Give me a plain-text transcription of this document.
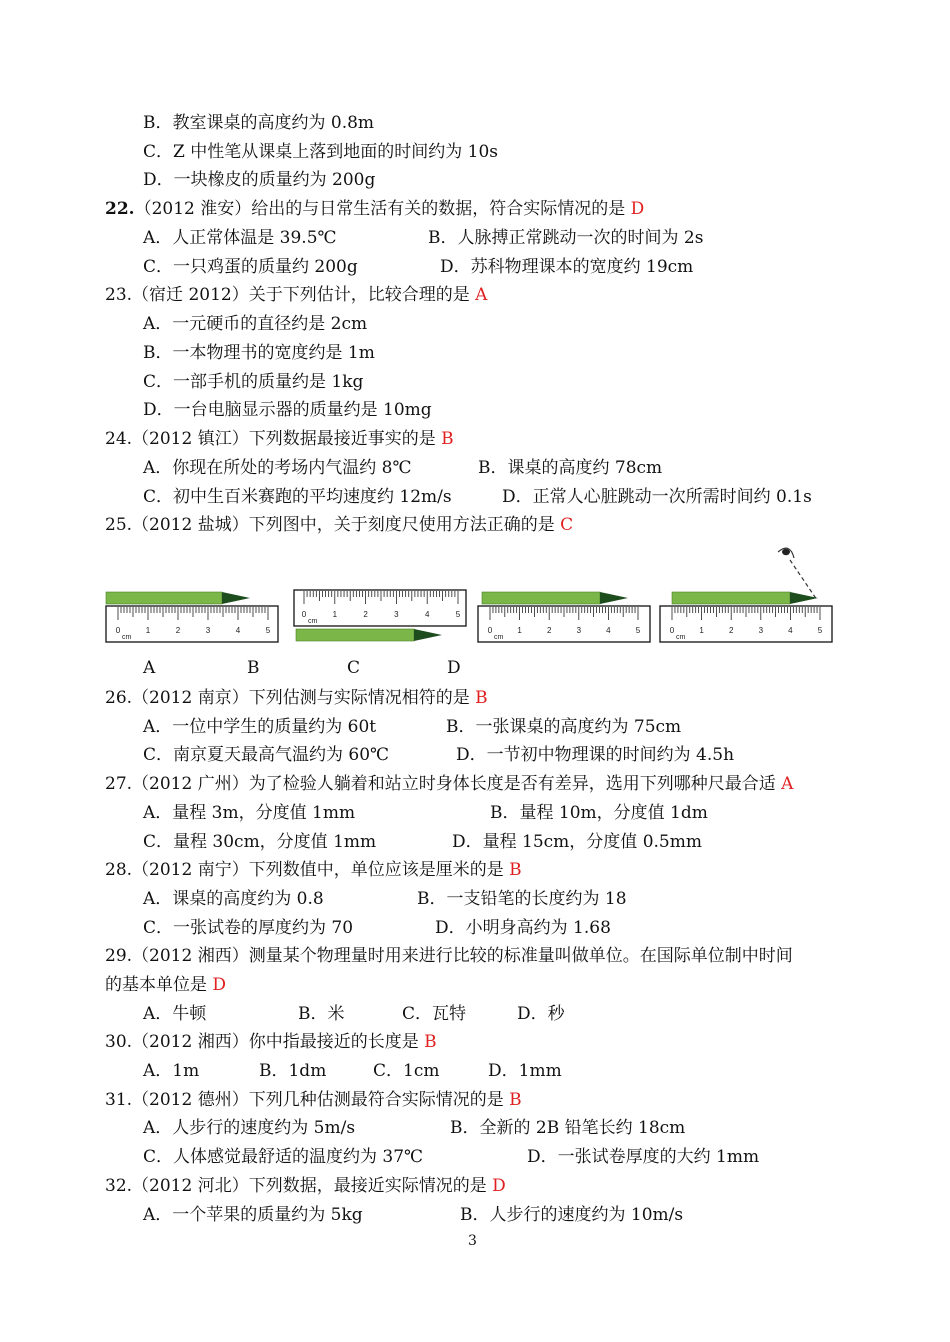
B．教室课桌的高度约为 0.8m
C．Z 中性笔从课桌上落到地面的时间约为 10s
D．一块橡皮的质量约为 200g
22.（2012 淮安）给出的与日常生活有关的数据，符合实际情况的是 D
A．人正常体温是 39.5℃	B．人脉搏正常跳动一次的时间为 2s
C．一只鸡蛋的质量约 200g	D．苏科物理课本的宽度约 19cm
23.（宿迁 2012）关于下列估计，比较合理的是 A
A．一元硬币的直径约是 2cm
B．一本物理书的宽度约是 1m
C．一部手机的质量约是 1kg
D．一台电脑显示器的质量约是 10mg
24.（2012 镇江）下列数据最接近事实的是 B
A．你现在所处的考场内气温约 8℃	B．课桌的高度约 78cm
C．初中生百米赛跑的平均速度约 12m/s	D．正常人心脏跳动一次所需时间约 0.1s
25.（2012 盐城）下列图中，关于刻度尺使用方法正确的是 C
0	1	2	3	4	5
cm
0	1	2	3	4	5
cm
0	1	2	3	4	5
cm
0	1	2	3	4	5
cm
A	B	C	D
26.（2012 南京）下列估测与实际情况相符的是 B
A．一位中学生的质量约为 60t	B．一张课桌的高度约为 75cm
C．南京夏天最高气温约为 60℃	D．一节初中物理课的时间约为 4.5h
27.（2012 广州）为了检验人躺着和站立时身体长度是否有差异，选用下列哪种尺最合适 A
A．量程 3m，分度值 1mm	B．量程 10m，分度值 1dm
C．量程 30cm，分度值 1mm	D．量程 15cm，分度值 0.5mm
28.（2012 南宁）下列数值中，单位应该是厘米的是 B
A．课桌的高度约为 0.8	B．一支铅笔的长度约为 18
C．一张试卷的厚度约为 70	D．小明身高约为 1.68
29.（2012 湘西）测量某个物理量时用来进行比较的标准量叫做单位。在国际单位制中时间
的基本单位是 D
A．牛顿	B．米	C．瓦特	D．秒
30.（2012 湘西）你中指最接近的长度是 B
A．1m	B．1dm	C．1cm	D．1mm
31.（2012 德州）下列几种估测最符合实际情况的是 B
A．人步行的速度约为 5m/s	B．全新的 2B 铅笔长约 18cm
C．人体感觉最舒适的温度约为 37℃	D．一张试卷厚度的大约 1mm
32.（2012 河北）下列数据，最接近实际情况的是 D
A．一个苹果的质量约为 5kg	B．人步行的速度约为 10m/s
3
